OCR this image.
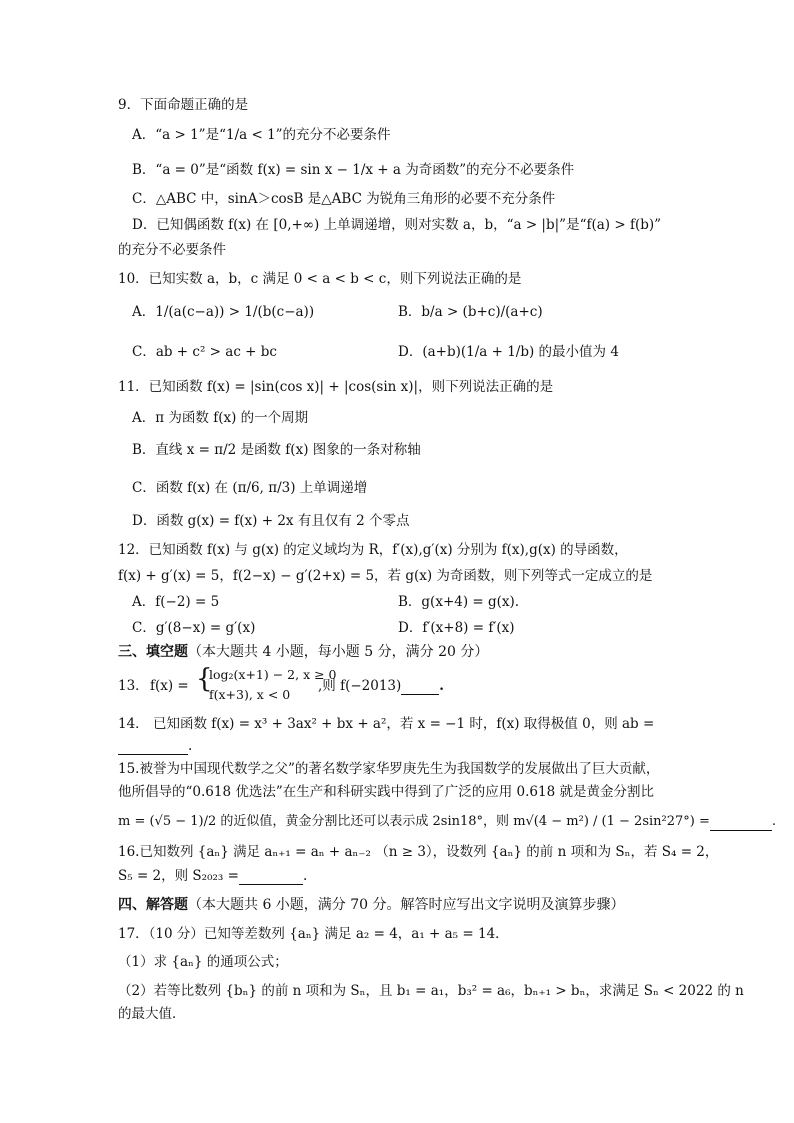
9．下面命题正确的是
A．“a > 1”是“1/a < 1”的充分不必要条件
B．“a = 0”是“函数 f(x) = sin x − 1/x + a 为奇函数”的充分不必要条件
C．△ABC 中，sinA＞cosB 是△ABC 为锐角三角形的必要不充分条件
D．已知偶函数 f(x) 在 [0,+∞) 上单调递增，则对实数 a，b，“a > |b|”是“f(a) > f(b)”
的充分不必要条件
10．已知实数 a，b，c 满足 0 < a < b < c，则下列说法正确的是
A．1/(a(c−a)) > 1/(b(c−a))	B．b/a > (b+c)/(a+c)
C．ab + c² > ac + bc	D．(a+b)(1/a + 1/b) 的最小值为 4
11．已知函数 f(x) = |sin(cos x)| + |cos(sin x)|，则下列说法正确的是
A．π 为函数 f(x) 的一个周期
B．直线 x = π/2 是函数 f(x) 图象的一条对称轴
C．函数 f(x) 在 (π/6, π/3) 上单调递增
D．函数 g(x) = f(x) + 2x 有且仅有 2 个零点
12．已知函数 f(x) 与 g(x) 的定义域均为 R，f′(x),g′(x) 分别为 f(x),g(x) 的导函数，
f(x) + g′(x) = 5，f(2−x) − g′(2+x) = 5，若 g(x) 为奇函数，则下列等式一定成立的是
A．f(−2) = 5	B．g(x+4) = g(x).
C．g′(8−x) = g′(x)	D．f′(x+8) = f′(x)
三、填空题（本大题共 4 小题，每小题 5 分，满分 20 分）
13． f(x) = {
log₂(x+1) − 2, x ≥ 0
f(x+3), x < 0
,则 f(−2013)	.
14． 已知函数 f(x) = x³ + 3ax² + bx + a²，若 x = −1 时，f(x) 取得极值 0，则 ab =
.
15.被誉为中国现代数学之父”的著名数学家华罗庚先生为我国数学的发展做出了巨大贡献，
他所倡导的“0.618 优选法”在生产和科研实践中得到了广泛的应用 0.618 就是黄金分割比
m = (√5 − 1)/2 的近似值，黄金分割比还可以表示成 2sin18°，则 m√(4 − m²) / (1 − 2sin²27°) =	.
16.已知数列 {aₙ} 满足 aₙ₊₁ = aₙ + aₙ₋₂ （n ≥ 3），设数列 {aₙ} 的前 n 项和为 Sₙ，若 S₄ = 2，
S₅ = 2，则 S₂₀₂₃ =	.
四、解答题（本大题共 6 小题，满分 70 分。解答时应写出文字说明及演算步骤）
17．（10 分）已知等差数列 {aₙ} 满足 a₂ = 4，a₁ + a₅ = 14．
（1）求 {aₙ} 的通项公式；
（2）若等比数列 {bₙ} 的前 n 项和为 Sₙ，且 b₁ = a₁，b₃² = a₆，bₙ₊₁ > bₙ，求满足 Sₙ < 2022 的 n
的最大值．
